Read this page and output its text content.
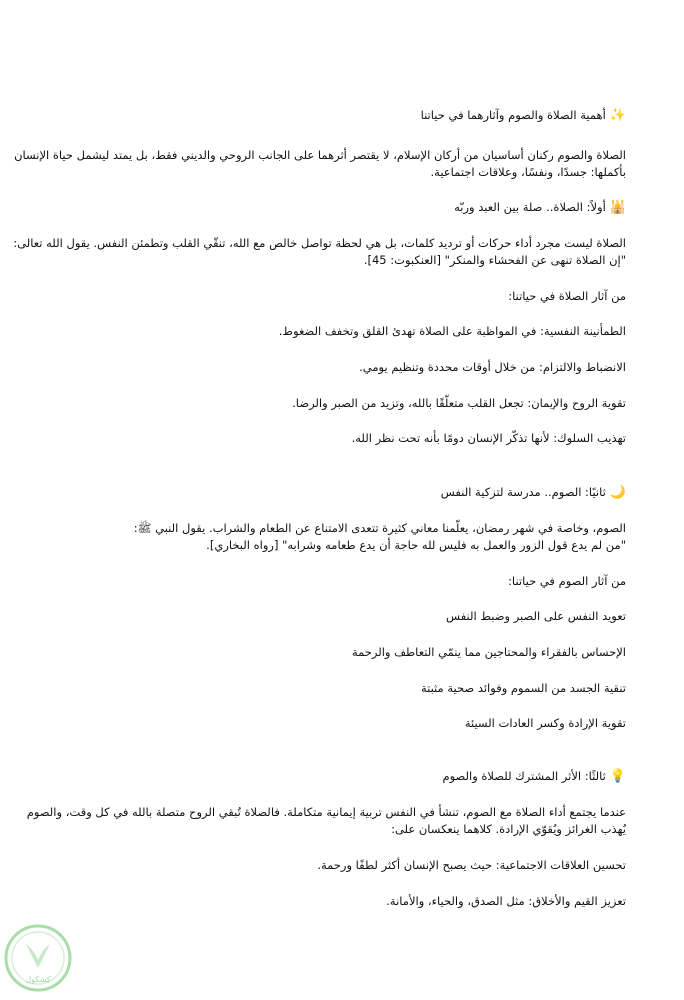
✨أهمية الصلاة والصوم وآثارهما في حياتنا
الصلاة والصوم ركنان أساسيان من أركان الإسلام، لا يقتصر أثرهما على الجانب الروحي والديني فقط، بل يمتد ليشمل حياة الإنسان
بأكملها: جسدًا، ونفسًا، وعلاقات اجتماعية.
🕌أولاً: الصلاة.. صلة بين العبد وربّه
الصلاة ليست مجرد أداء حركات أو ترديد كلمات، بل هي لحظة تواصل خالص مع الله، تنقّي القلب وتطمئن النفس. يقول الله تعالى:
"إن الصلاة تنهى عن الفحشاء والمنكر" [العنكبوت: 45].
من آثار الصلاة في حياتنا:
الطمأنينة النفسية: في المواظبة على الصلاة تهدئ القلق وتخفف الضغوط.
الانضباط والالتزام: من خلال أوقات محددة وتنظيم يومي.
تقوية الروح والإيمان: تجعل القلب متعلّقًا بالله، وتزيد من الصبر والرضا.
تهذيب السلوك: لأنها تذكّر الإنسان دومًا بأنه تحت نظر الله.
🌙ثانيًا: الصوم.. مدرسة لتزكية النفس
الصوم، وخاصة في شهر رمضان، يعلّمنا معاني كثيرة تتعدى الامتناع عن الطعام والشراب. يقول النبي ﷺ:
"من لم يدع قول الزور والعمل به فليس لله حاجة أن يدع طعامه وشرابه" [رواه البخاري].
من آثار الصوم في حياتنا:
تعويد النفس على الصبر وضبط النفس
الإحساس بالفقراء والمحتاجين مما ينمّي التعاطف والرحمة
تنقية الجسد من السموم وفوائد صحية مثبتة
تقوية الإرادة وكسر العادات السيئة
💡ثالثًا: الأثر المشترك للصلاة والصوم
عندما يجتمع أداء الصلاة مع الصوم، تنشأ في النفس تربية إيمانية متكاملة. فالصلاة تُبقي الروح متصلة بالله في كل وقت، والصوم
يُهذب الغرائز ويُقوّي الإرادة. كلاهما ينعكسان على:
تحسين العلاقات الاجتماعية: حيث يصبح الإنسان أكثر لطفًا ورحمة.
تعزيز القيم والأخلاق: مثل الصدق، والحياء، والأمانة.
كشكول
